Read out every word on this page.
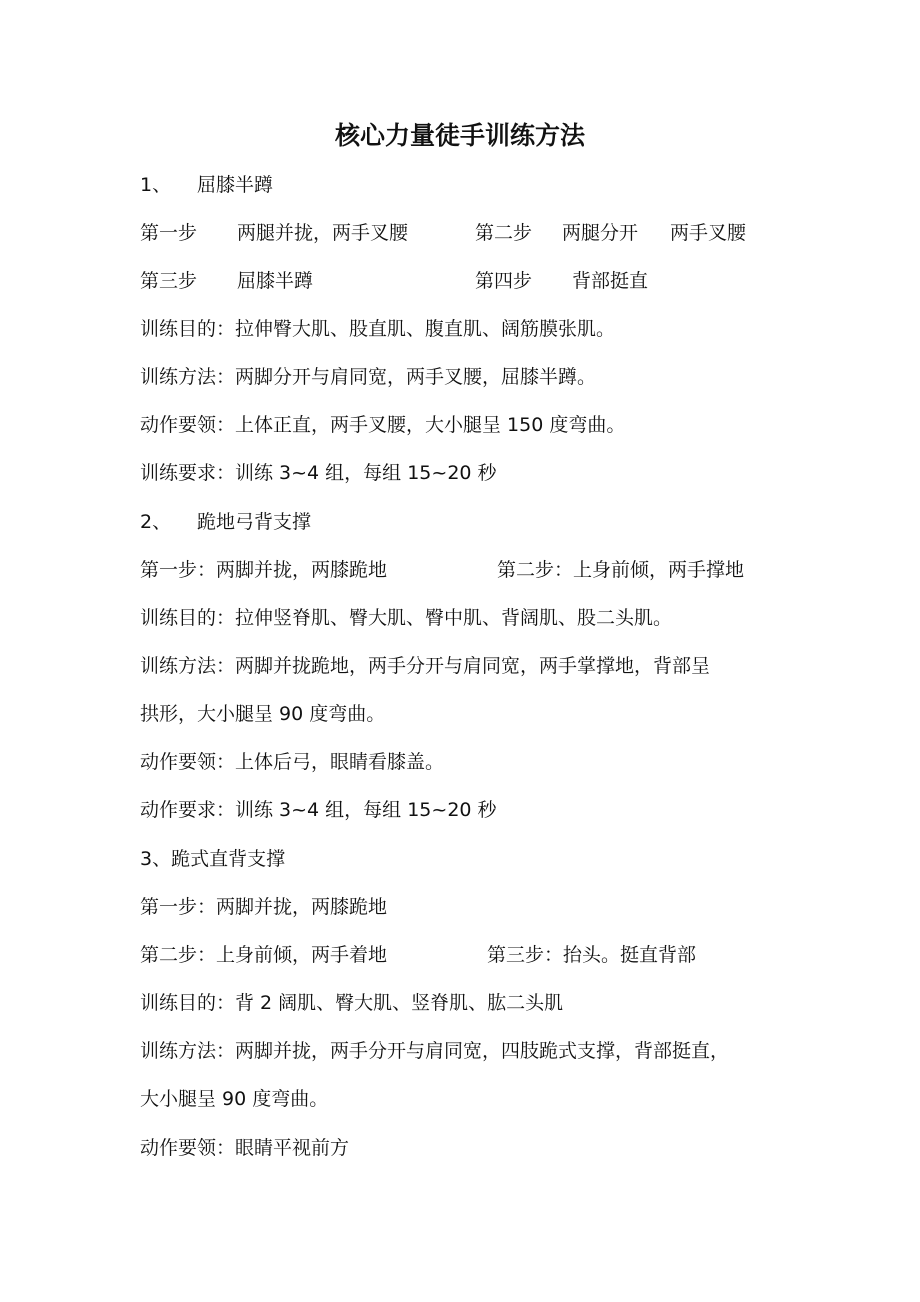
核心力量徒手训练方法
1、 屈膝半蹲
第一步 两腿并拢，两手叉腰	第二步 两腿分开 两手叉腰
第三步 屈膝半蹲	第四步 背部挺直
训练目的：拉伸臀大肌、股直肌、腹直肌、阔筋膜张肌。
训练方法：两脚分开与肩同宽，两手叉腰，屈膝半蹲。
动作要领：上体正直，两手叉腰，大小腿呈 150 度弯曲。
训练要求：训练 3~4 组，每组 15~20 秒
2、 跪地弓背支撑
第一步：两脚并拢，两膝跪地	第二步：上身前倾，两手撑地
训练目的：拉伸竖脊肌、臀大肌、臀中肌、背阔肌、股二头肌。
训练方法：两脚并拢跪地，两手分开与肩同宽，两手掌撑地，背部呈
拱形，大小腿呈 90 度弯曲。
动作要领：上体后弓，眼睛看膝盖。
动作要求：训练 3~4 组，每组 15~20 秒
3、跪式直背支撑
第一步：两脚并拢，两膝跪地
第二步：上身前倾，两手着地	第三步：抬头。挺直背部
训练目的：背 2 阔肌、臀大肌、竖脊肌、肱二头肌
训练方法：两脚并拢，两手分开与肩同宽，四肢跪式支撑，背部挺直，
大小腿呈 90 度弯曲。
动作要领：眼睛平视前方
